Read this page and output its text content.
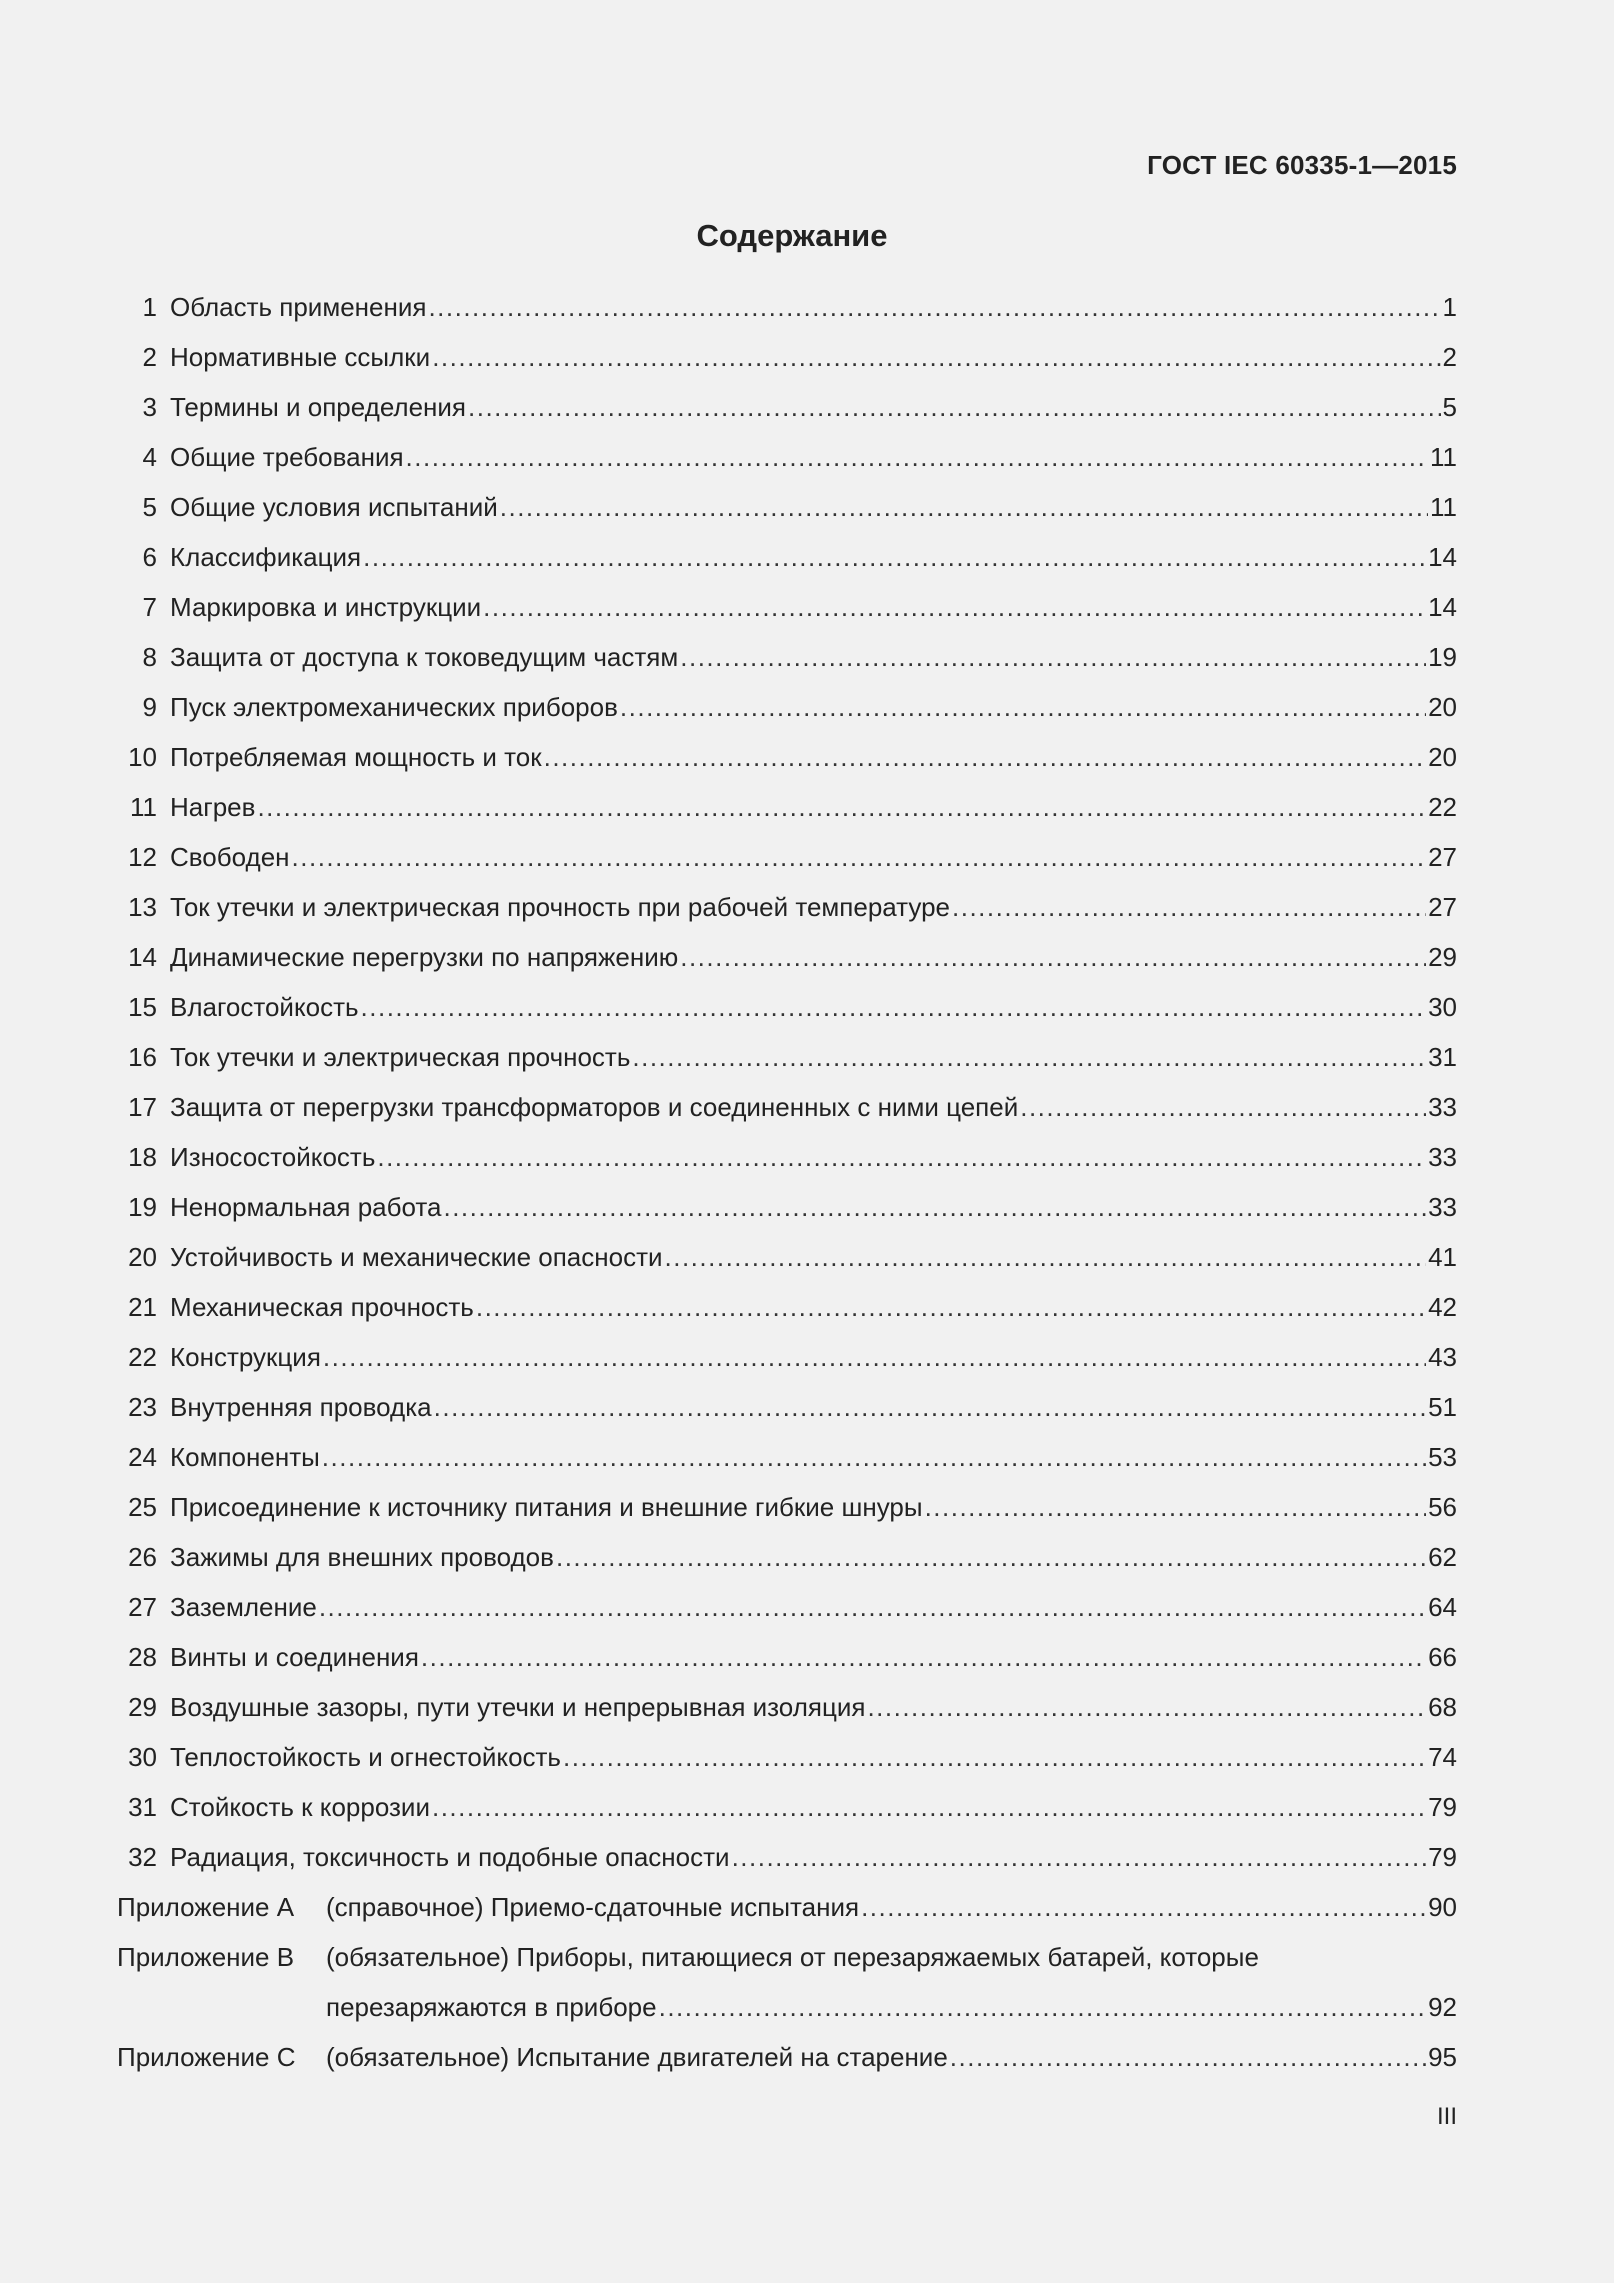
ГОСТ IEC 60335-1—2015
Содержание
1 Область применения .....	1
2 Нормативные ссылки .....	2
3 Термины и определения .....	5
4 Общие требования .....	11
5 Общие условия испытаний .....	11
6 Классификация .....	14
7 Маркировка и инструкции .....	14
8 Защита от доступа к токоведущим частям .....	19
9 Пуск электромеханических приборов .....	20
10 Потребляемая мощность и ток .....	20
11 Нагрев .....	22
12 Свободен .....	27
13 Ток утечки и электрическая прочность при рабочей температуре .....	27
14 Динамические перегрузки по напряжению .....	29
15 Влагостойкость .....	30
16 Ток утечки и электрическая прочность .....	31
17 Защита от перегрузки трансформаторов и соединенных с ними цепей .....	33
18 Износостойкость .....	33
19 Ненормальная работа .....	33
20 Устойчивость и механические опасности .....	41
21 Механическая прочность .....	42
22 Конструкция .....	43
23 Внутренняя проводка .....	51
24 Компоненты .....	53
25 Присоединение к источнику питания и внешние гибкие шнуры .....	56
26 Зажимы для внешних проводов .....	62
27 Заземление .....	64
28 Винты и соединения .....	66
29 Воздушные зазоры, пути утечки и непрерывная изоляция .....	68
30 Теплостойкость и огнестойкость .....	74
31 Стойкость к коррозии .....	79
32 Радиация, токсичность и подобные опасности .....	79
Приложение А	(справочное) Приемо-сдаточные испытания .....	90
Приложение В	(обязательное) Приборы, питающиеся от перезаряжаемых батарей, которые
перезаряжаются в приборе .....	92
Приложение С	(обязательное) Испытание двигателей на старение .....	95
III
